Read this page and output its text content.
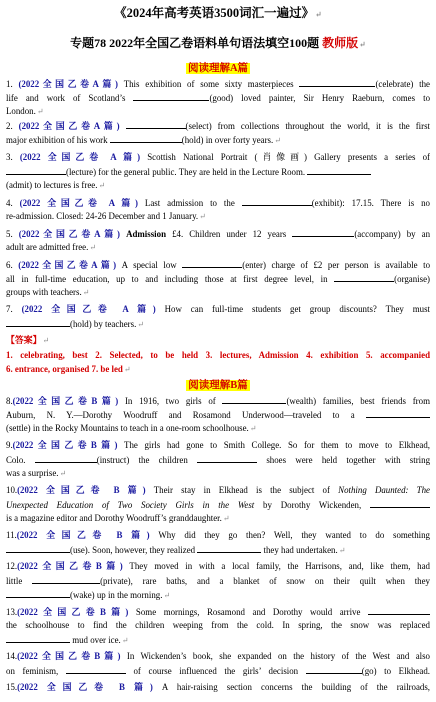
《2024年高考英语3500词汇一遍过》↵
专题78 2022年全国乙卷语料单句语法填空100题 教师版↵
阅读理解A篇
1. (2022全国乙卷A篇) This exhibition of some sixty masterpieces	(celebrate) the
life and work of Scotland’s	(good) loved painter, Sir Henry Raeburn, comes to
London.↵
2. (2022全国乙卷A篇)	(select) from collections throughout the world, it is the first
major exhibition of his work	(hold) in over forty years.↵
3. (2022 全国乙卷 A 篇) Scottish National Portrait (肖像画) Gallery presents a series of
(lecture) for the general public. They are held in the Lecture Room.
(admit) to lectures is free.↵
4. (2022 全国乙卷 A 篇) Last admission to the	(exhibit): 17.15. There is no
re-admission. Closed: 24-26 December and 1 January.↵
5. (2022全国乙卷A篇) Admission £4. Children under 12 years	(accompany) by an
adult are admitted free.↵
6. (2022全国乙卷A篇) A special low	(enter) charge of £2 per person is available to
all in full-time education, up to and including those at first degree level, in	(organise)
groups with teachers.↵
7. (2022 全国乙卷 A 篇) How can full-time students get group discounts? They must
(hold) by teachers.↵
【答案】↵
1. celebrating, best 2. Selected, to be held 3. lectures, Admission 4. exhibition 5. accompanied
6. entrance, organised 7. be led↵
阅读理解B篇
8.(2022全国乙卷B篇) In 1916, two girls of	(wealth) families, best friends from
Auburn, N. Y.—Dorothy Woodruff and Rosamond Underwood—traveled to a
(settle) in the Rocky Mountains to teach in a one-room schoolhouse.↵
9.(2022全国乙卷B篇) The girls had gone to Smith College. So for them to move to Elkhead,
Colo.	(instruct) the children	shoes were held together with string
was a surprise.↵
10.(2022 全国乙卷 B 篇) Their stay in Elkhead is the subject of Nothing Daunted: The
Unexpected Education of Two Society Girls in the West by Dorothy Wickenden,
is a magazine editor and Dorothy Woodruff’s granddaughter.↵
11.(2022 全国乙卷 B 篇) Why did they go then? Well, they wanted to do something
(use). Soon, however, they realized	they had undertaken.↵
12.(2022全国乙卷B篇) They moved in with a local family, the Harrisons, and, like them, had
little	(private), rare baths, and a blanket of snow on their quilt when they
(wake) up in the morning.↵
13.(2022全国乙卷B篇) Some mornings, Rosamond and Dorothy would arrive
the schoolhouse to find the children weeping from the cold. In spring, the snow was replaced
mud over ice.↵
14.(2022全国乙卷B篇) In Wickenden’s book, she expanded on the history of the West and also
on feminism,	of course influenced the girls’ decision	(go) to Elkhead.
15.(2022 全国乙卷 B 篇) A hair-raising section concerns the building of the railroads,
